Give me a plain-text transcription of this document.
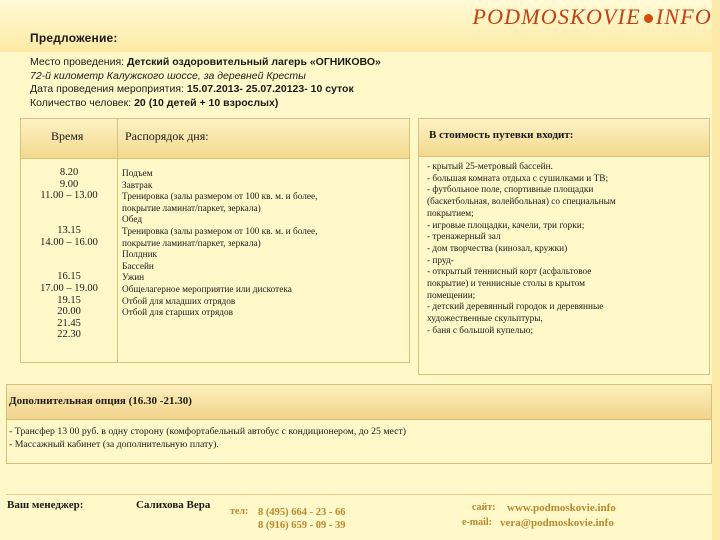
Предложение:
PODMOSKOVIE INFO
Место проведения: Детский оздоровительный лагерь «ОГНИКОВО»
72-й километр Калужского шоссе, за деревней Кресты
Дата проведения мероприятия: 15.07.2013- 25.07.20123- 10 суток
Количество человек: 20 (10 детей + 10 взрослых)
Время	Распорядок дня:
8.20
9.00
11.00 – 13.00

13.15
14.00 – 16.00

16.15
17.00 – 19.00
19.15
20.00
21.45
22.30
Подъем
Завтрак
Тренировка (залы размером от 100 кв. м. и более,
покрытие ламинат/паркет, зеркала)
Обед
Тренировка (залы размером от 100 кв. м. и более,
покрытие ламинат/паркет, зеркала)
Полдник
Бассейн
Ужин
Общелагерное мероприятие или дискотека
Отбой для младших отрядов
Отбой для старших отрядов
В стоимость путевки входит:
- крытый 25-метровый бассейн.
- большая комната отдыха с сушилками и ТВ;
- футбольное поле, спортивные площадки
(баскетбольная, волейбольная) со специальным
покрытием;
- игровые площадки, качели, три горки;
- тренажерный зал
- дом творчества (кинозал, кружки)
- пруд-
- открытый теннисный корт (асфальтовое
покрытие) и теннисные столы в крытом
помещении;
- детский деревянный городок и деревянные
художественные скульптуры,
- баня с большой купелью;
Дополнительная опция (16.30 -21.30)
- Трансфер 13 00 руб. в одну сторону (комфортабельный автобус с кондиционером, до 25 мест)
- Массажный кабинет (за дополнительную плату).
Ваш менеджер:	Салихова Вера
тел: 8 (495) 664 - 23 - 66
8 (916) 659 - 09 - 39
сайт: www.podmoskovie.info
e-mail: vera@podmoskovie.info
